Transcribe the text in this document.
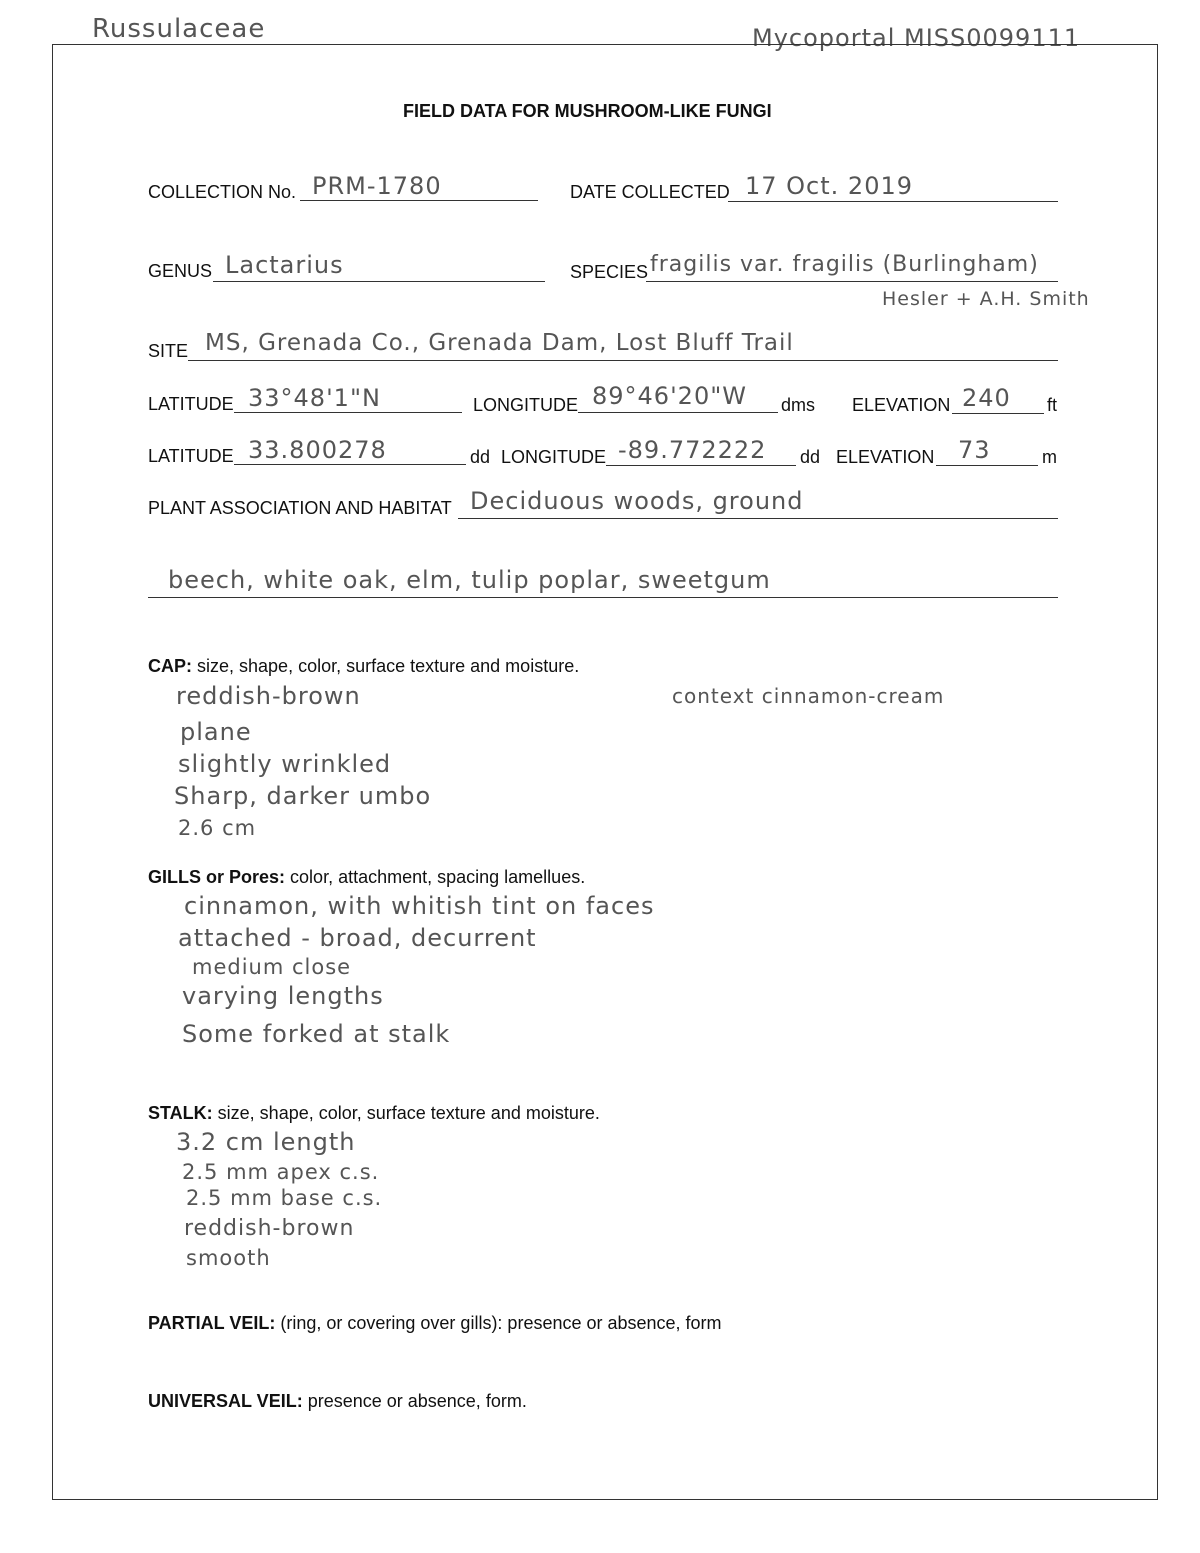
Russulaceae	Mycoportal MISS0099111
FIELD DATA FOR MUSHROOM-LIKE FUNGI
COLLECTION No. PRM-1780	DATE COLLECTED 17 Oct. 2019
GENUS Lactarius	SPECIES fragilis var. fragilis (Burlingham)
Hesler + A.H. Smith
SITE MS, Grenada Co., Grenada Dam, Lost Bluff Trail
LATITUDE 33°48'1"N	LONGITUDE 89°46'20"W dms ELEVATION 240 ft
LATITUDE 33.800278	dd LONGITUDE -89.772222 dd ELEVATION 73	m
PLANT ASSOCIATION AND HABITAT Deciduous woods, ground
beech, white oak, elm, tulip poplar, sweetgum
CAP: size, shape, color, surface texture and moisture.
reddish-brown
plane
slightly wrinkled
Sharp, darker umbo
2.6 cm
context cinnamon-cream
GILLS or Pores: color, attachment, spacing lamellues.
cinnamon, with whitish tint on faces
attached - broad, decurrent
medium close
varying lengths
Some forked at stalk
STALK: size, shape, color, surface texture and moisture.
3.2 cm length
2.5 mm apex c.s.
2.5 mm base c.s.
reddish-brown
smooth
PARTIAL VEIL: (ring, or covering over gills): presence or absence, form
UNIVERSAL VEIL: presence or absence, form.
